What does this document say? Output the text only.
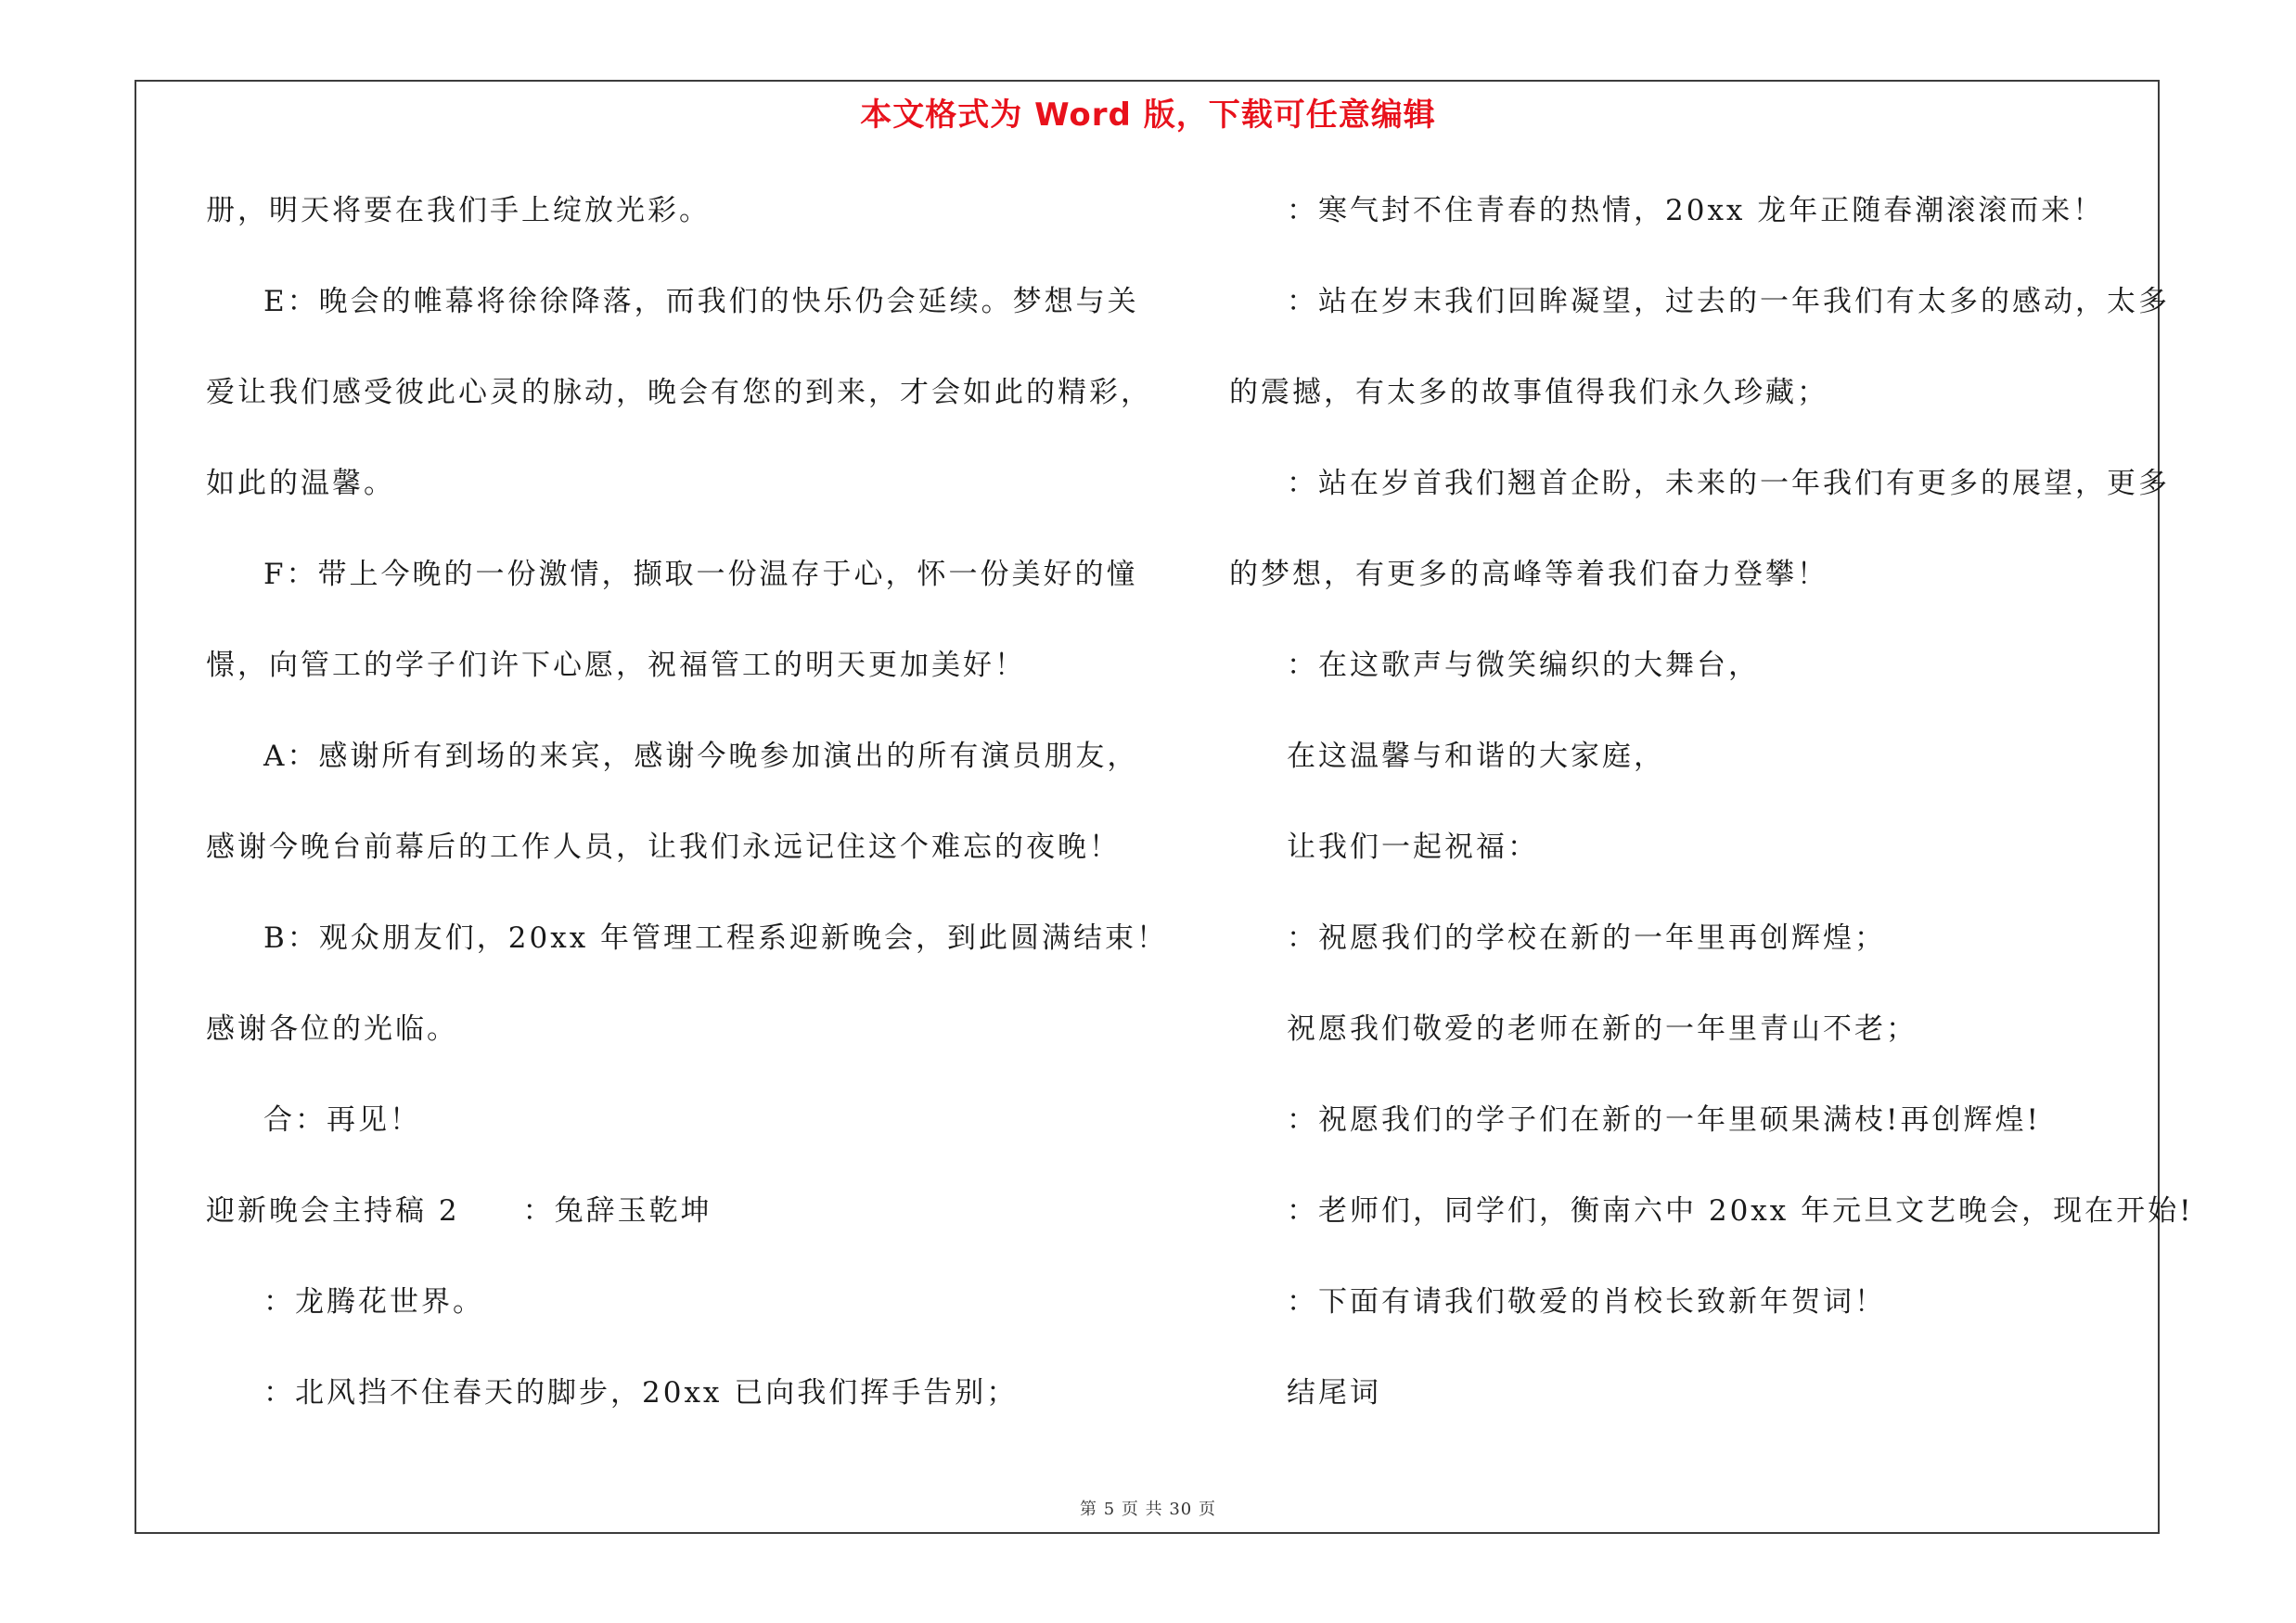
本文格式为 Word 版，下载可任意编辑
册，明天将要在我们手上绽放光彩。
E：晚会的帷幕将徐徐降落，而我们的快乐仍会延续。梦想与关
爱让我们感受彼此心灵的脉动，晚会有您的到来，才会如此的精彩，
如此的温馨。
F：带上今晚的一份激情，撷取一份温存于心，怀一份美好的憧
憬，向管工的学子们许下心愿，祝福管工的明天更加美好！
A：感谢所有到场的来宾，感谢今晚参加演出的所有演员朋友，
感谢今晚台前幕后的工作人员，让我们永远记住这个难忘的夜晚！
B：观众朋友们，20xx 年管理工程系迎新晚会，到此圆满结束！
感谢各位的光临。
合：再见！
迎新晚会主持稿 2　　：兔辞玉乾坤
：龙腾花世界。
：北风挡不住春天的脚步，20xx 已向我们挥手告别；
：寒气封不住青春的热情，20xx 龙年正随春潮滚滚而来！
：站在岁末我们回眸凝望，过去的一年我们有太多的感动，太多
的震撼，有太多的故事值得我们永久珍藏；
：站在岁首我们翘首企盼，未来的一年我们有更多的展望，更多
的梦想，有更多的高峰等着我们奋力登攀！
：在这歌声与微笑编织的大舞台，
在这温馨与和谐的大家庭，
让我们一起祝福：
：祝愿我们的学校在新的一年里再创辉煌；
祝愿我们敬爱的老师在新的一年里青山不老；
：祝愿我们的学子们在新的一年里硕果满枝!再创辉煌!
：老师们，同学们，衡南六中 20xx 年元旦文艺晚会，现在开始!
：下面有请我们敬爱的肖校长致新年贺词！
结尾词
第 5 页 共 30 页
